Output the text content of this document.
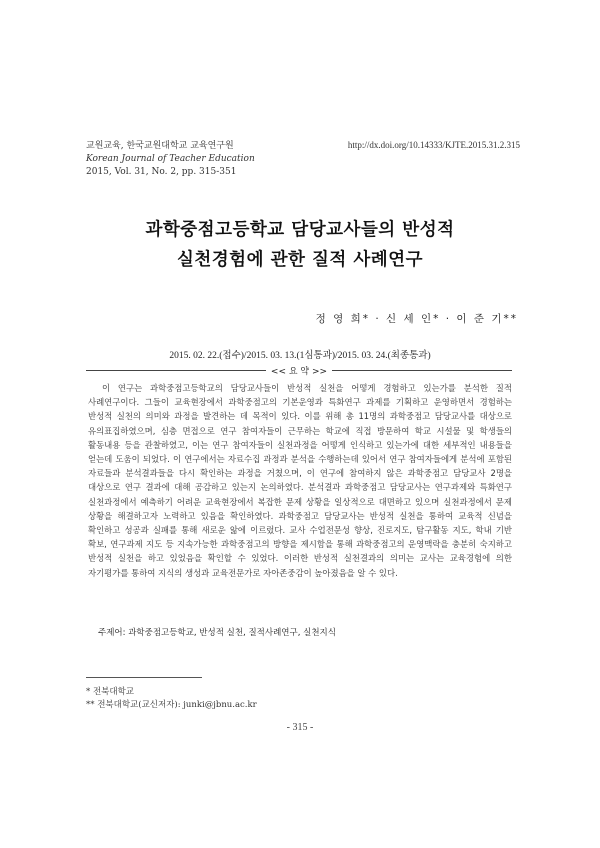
교원교육, 한국교원대학교 교육연구원
Korean Journal of Teacher Education
2015, Vol. 31, No. 2, pp. 315-351
http://dx.doi.org/10.14333/KJTE.2015.31.2.315
과학중점고등학교 담당교사들의 반성적
실천경험에 관한 질적 사례연구
정 영 희* · 신 세 인* · 이 준 기**
2015. 02. 22.(접수)/2015. 03. 13.(1심통과)/2015. 03. 24.(최종통과)
<< 요 약 >>
이 연구는 과학중점고등학교의 담당교사들이 반성적 실천을 어떻게 경험하고 있는가를 분석한 질적 사례연구이다. 그들이 교육현장에서 과학중점고의 기본운영과 특화연구 과제를 기획하고 운영하면서 경험하는 반성적 실천의 의미와 과정을 발견하는 데 목적이 있다. 이를 위해 총 11명의 과학중점고 담당교사를 대상으로 유의표집하였으며, 심층 면접으로 연구 참여자들이 근무하는 학교에 직접 방문하여 학교 시설물 및 학생들의 활동내용 등을 관찰하였고, 이는 연구 참여자들이 실천과정을 어떻게 인식하고 있는가에 대한 세부적인 내용들을 얻는데 도움이 되었다. 이 연구에서는 자료수집 과정과 분석을 수행하는데 있어서 연구 참여자들에게 분석에 포함된 자료들과 분석결과들을 다시 확인하는 과정을 거쳤으며, 이 연구에 참여하지 않은 과학중점고 담당교사 2명을 대상으로 연구 결과에 대해 공감하고 있는지 논의하였다. 분석결과 과학중점고 담당교사는 연구과제와 특화연구 실천과정에서 예측하기 어려운 교육현장에서 복잡한 문제 상황을 일상적으로 대면하고 있으며 실천과정에서 문제 상황을 해결하고자 노력하고 있음을 확인하였다. 과학중점고 담당교사는 반성적 실천을 통하여 교육적 신념을 확인하고 성공과 실패를 통해 새로운 앎에 이르렀다. 교사 수업전문성 향상, 진로지도, 탐구활동 지도, 학내 기반 확보, 연구과제 지도 등 지속가능한 과학중점고의 방향을 제시함을 통해 과학중점고의 운영맥락을 충분히 숙지하고 반성적 실천을 하고 있었음을 확인할 수 있었다. 이러한 반성적 실천결과의 의미는 교사는 교육경험에 의한 자기평가를 통하여 지식의 생성과 교육전문가로 자아존중감이 높아졌음을 알 수 있다.
주제어: 과학중점고등학교, 반성적 실천, 질적사례연구, 실천지식
* 전북대학교
** 전북대학교(교신저자): junki@jbnu.ac.kr
- 315 -
